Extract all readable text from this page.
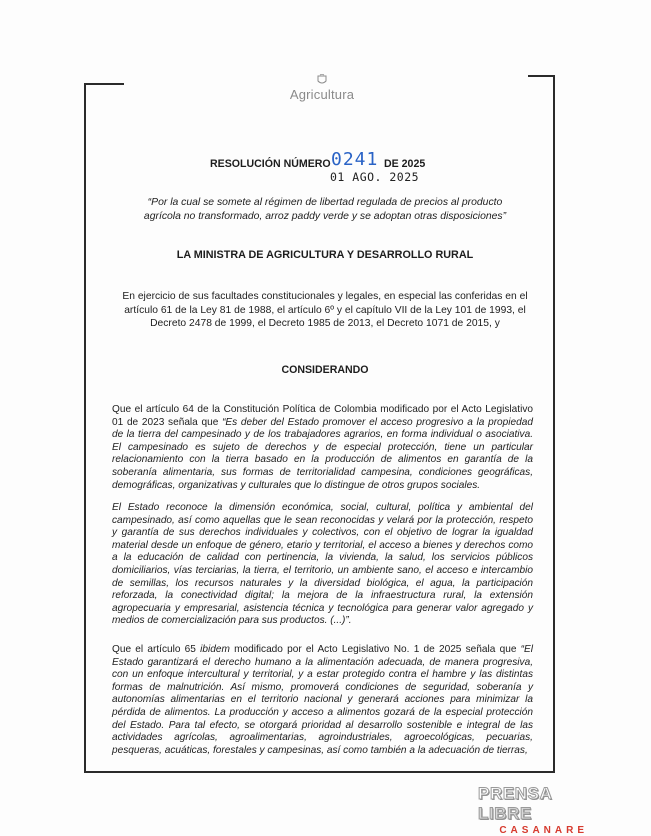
Agricultura
RESOLUCIÓN NÚMERO 0241 DE 2025
01 AGO. 2025
“Por la cual se somete al régimen de libertad regulada de precios al producto agrícola no transformado, arroz paddy verde y se adoptan otras disposiciones”
LA MINISTRA DE AGRICULTURA Y DESARROLLO RURAL
En ejercicio de sus facultades constitucionales y legales, en especial las conferidas en el artículo 61 de la Ley 81 de 1988, el artículo 6º y el capítulo VII de la Ley 101 de 1993, el Decreto 2478 de 1999, el Decreto 1985 de 2013, el Decreto 1071 de 2015, y
CONSIDERANDO
Que el artículo 64 de la Constitución Política de Colombia modificado por el Acto Legislativo 01 de 2023 señala que “Es deber del Estado promover el acceso progresivo a la propiedad de la tierra del campesinado y de los trabajadores agrarios, en forma individual o asociativa. El campesinado es sujeto de derechos y de especial protección, tiene un particular relacionamiento con la tierra basado en la producción de alimentos en garantía de la soberanía alimentaria, sus formas de territorialidad campesina, condiciones geográficas, demográficas, organizativas y culturales que lo distingue de otros grupos sociales.
El Estado reconoce la dimensión económica, social, cultural, política y ambiental del campesinado, así como aquellas que le sean reconocidas y velará por la protección, respeto y garantía de sus derechos individuales y colectivos, con el objetivo de lograr la igualdad material desde un enfoque de género, etario y territorial, el acceso a bienes y derechos como a la educación de calidad con pertinencia, la vivienda, la salud, los servicios públicos domiciliarios, vías terciarias, la tierra, el territorio, un ambiente sano, el acceso e intercambio de semillas, los recursos naturales y la diversidad biológica, el agua, la participación reforzada, la conectividad digital; la mejora de la infraestructura rural, la extensión agropecuaria y empresarial, asistencia técnica y tecnológica para generar valor agregado y medios de comercialización para sus productos. (...)”.
Que el artículo 65 ibidem modificado por el Acto Legislativo No. 1 de 2025 señala que “El Estado garantizará el derecho humano a la alimentación adecuada, de manera progresiva, con un enfoque intercultural y territorial, y a estar protegido contra el hambre y las distintas formas de malnutrición. Así mismo, promoverá condiciones de seguridad, soberanía y autonomías alimentarias en el territorio nacional y generará acciones para minimizar la pérdida de alimentos. La producción y acceso a alimentos gozará de la especial protección del Estado. Para tal efecto, se otorgará prioridad al desarrollo sostenible e integral de las actividades agrícolas, agroalimentarias, agroindustriales, agroecológicas, pecuarias, pesqueras, acuáticas, forestales y campesinas, así como también a la adecuación de tierras,
PRENSA LIBRE
CASANARE
